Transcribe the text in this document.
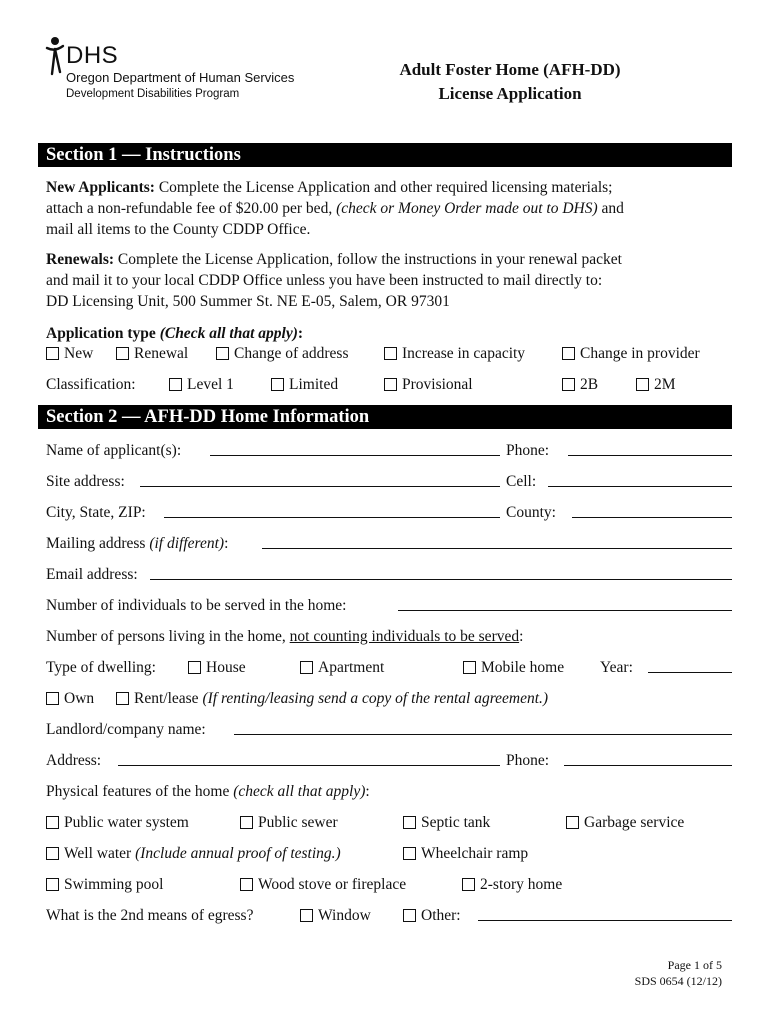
DHS
Oregon Department of Human Services
Development Disabilities Program
Adult Foster Home (AFH-DD)
License Application
Section 1 — Instructions
New Applicants: Complete the License Application and other required licensing materials;
attach a non-refundable fee of $20.00 per bed, (check or Money Order made out to DHS) and
mail all items to the County CDDP Office.
Renewals: Complete the License Application, follow the instructions in your renewal packet
and mail it to your local CDDP Office unless you have been instructed to mail directly to:
DD Licensing Unit, 500 Summer St. NE E-05, Salem, OR 97301
Application type (Check all that apply):
New	Renewal	Change of address	Increase in capacity	Change in provider
Classification:	Level 1	Limited	Provisional	2B	2M
Section 2 — AFH-DD Home Information
Name of applicant(s):	Phone:
Site address:	Cell:
City, State, ZIP:	County:
Mailing address (if different):
Email address:
Number of individuals to be served in the home:
Number of persons living in the home, not counting individuals to be served:
Type of dwelling:	House	Apartment	Mobile home Year:
Own	Rent/lease (If renting/leasing send a copy of the rental agreement.)
Landlord/company name:
Address:	Phone:
Physical features of the home (check all that apply):
Public water system	Public sewer	Septic tank	Garbage service
Well water (Include annual proof of testing.)	Wheelchair ramp
Swimming pool	Wood stove or fireplace	2-story home
What is the 2nd means of egress?	Window	Other:
Page 1 of 5
SDS 0654 (12/12)
